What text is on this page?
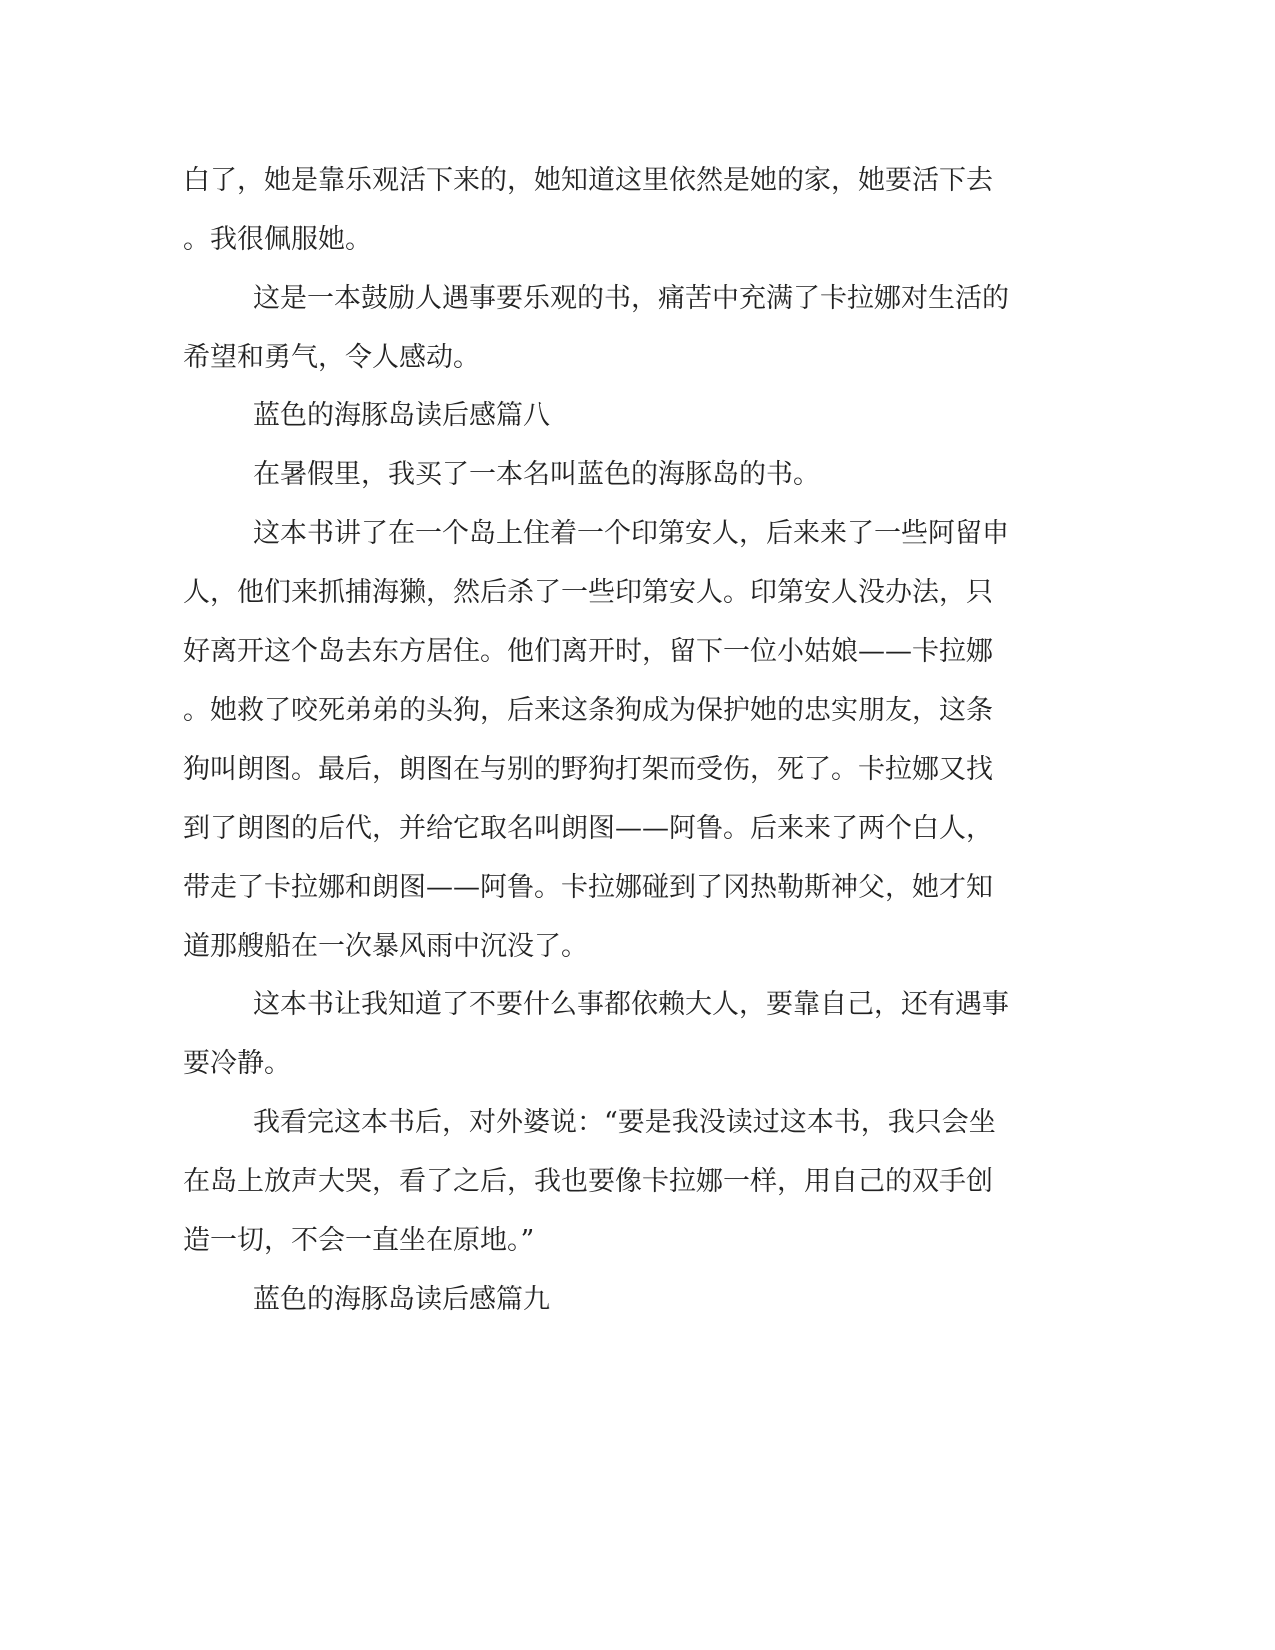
白了，她是靠乐观活下来的，她知道这里依然是她的家，她要活下去
。我很佩服她。
这是一本鼓励人遇事要乐观的书，痛苦中充满了卡拉娜对生活的
希望和勇气，令人感动。
蓝色的海豚岛读后感篇八
在暑假里，我买了一本名叫蓝色的海豚岛的书。
这本书讲了在一个岛上住着一个印第安人，后来来了一些阿留申
人，他们来抓捕海獭，然后杀了一些印第安人。印第安人没办法，只
好离开这个岛去东方居住。他们离开时，留下一位小姑娘——卡拉娜
。她救了咬死弟弟的头狗，后来这条狗成为保护她的忠实朋友，这条
狗叫朗图。最后，朗图在与别的野狗打架而受伤，死了。卡拉娜又找
到了朗图的后代，并给它取名叫朗图——阿鲁。后来来了两个白人，
带走了卡拉娜和朗图——阿鲁。卡拉娜碰到了冈热勒斯神父，她才知
道那艘船在一次暴风雨中沉没了。
这本书让我知道了不要什么事都依赖大人，要靠自己，还有遇事
要冷静。
我看完这本书后，对外婆说：“要是我没读过这本书，我只会坐
在岛上放声大哭，看了之后，我也要像卡拉娜一样，用自己的双手创
造一切，不会一直坐在原地。”
蓝色的海豚岛读后感篇九
